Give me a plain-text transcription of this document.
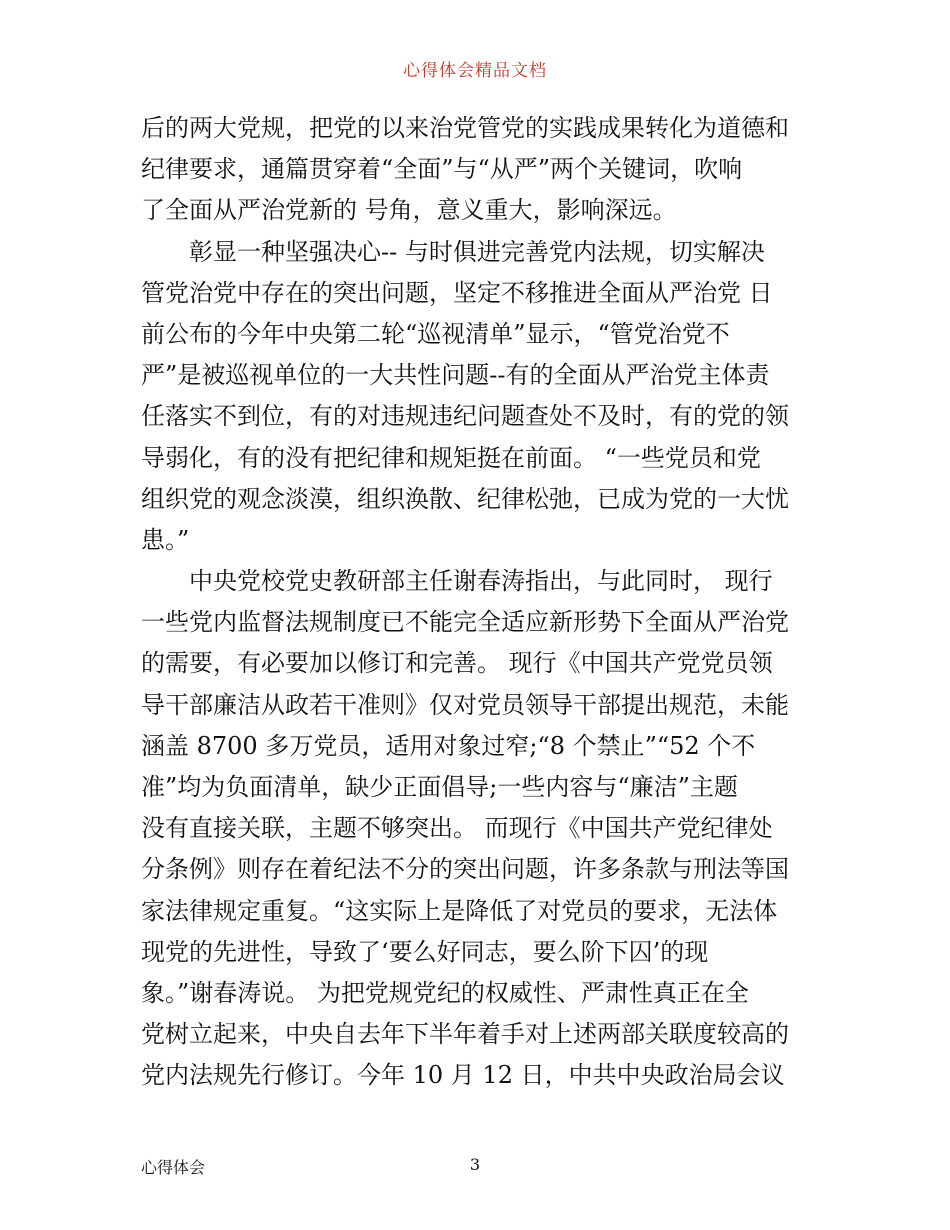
心得体会精品文档
后的两大党规，把党的以来治党管党的实践成果转化为道德和
纪律要求，通篇贯穿着“全面”与“从严”两个关键词，吹响
了全面从严治党新的 号角，意义重大，影响深远。
　　彰显一种坚强决心-- 与时俱进完善党内法规，切实解决
管党治党中存在的突出问题，坚定不移推进全面从严治党 日
前公布的今年中央第二轮“巡视清单”显示，“管党治党不
严”是被巡视单位的一大共性问题--有的全面从严治党主体责
任落实不到位，有的对违规违纪问题查处不及时，有的党的领
导弱化，有的没有把纪律和规矩挺在前面。 “一些党员和党
组织党的观念淡漠，组织涣散、纪律松弛，已成为党的一大忧
患。”
　　中央党校党史教研部主任谢春涛指出，与此同时， 现行
一些党内监督法规制度已不能完全适应新形势下全面从严治党
的需要，有必要加以修订和完善。 现行《中国共产党党员领
导干部廉洁从政若干准则》仅对党员领导干部提出规范，未能
涵盖 8700 多万党员，适用对象过窄;“8 个禁止”“52 个不
准”均为负面清单，缺少正面倡导;一些内容与“廉洁”主题
没有直接关联，主题不够突出。 而现行《中国共产党纪律处
分条例》则存在着纪法不分的突出问题，许多条款与刑法等国
家法律规定重复。“这实际上是降低了对党员的要求，无法体
现党的先进性，导致了‘要么好同志，要么阶下囚’的现
象。”谢春涛说。 为把党规党纪的权威性、严肃性真正在全
党树立起来，中央自去年下半年着手对上述两部关联度较高的
党内法规先行修订。今年 10 月 12 日，中共中央政治局会议
心得体会	3
